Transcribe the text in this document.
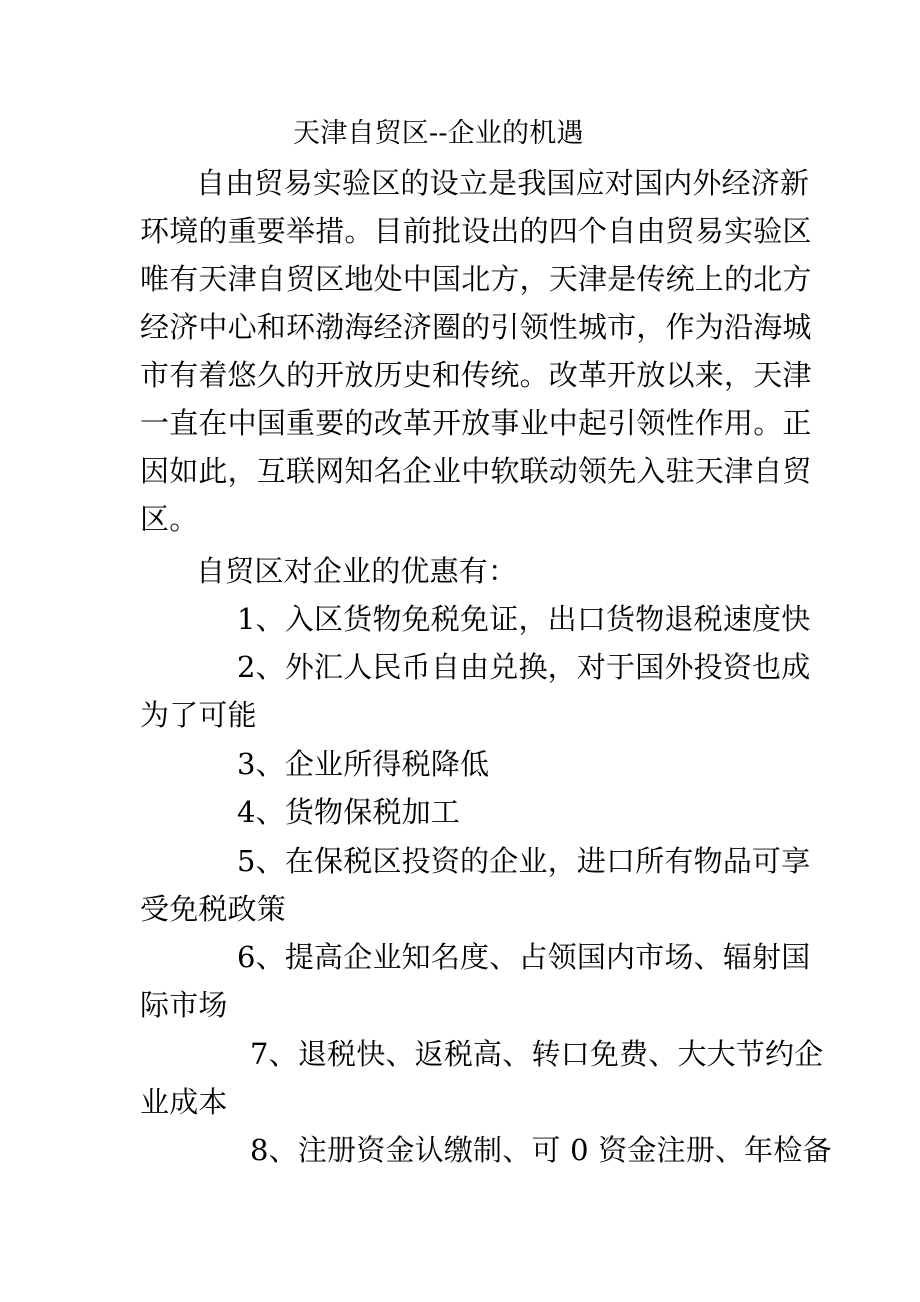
天津自贸区--企业的机遇
自由贸易实验区的设立是我国应对国内外经济新
环境的重要举措。目前批设出的四个自由贸易实验区
唯有天津自贸区地处中国北方，天津是传统上的北方
经济中心和环渤海经济圈的引领性城市，作为沿海城
市有着悠久的开放历史和传统。改革开放以来，天津
一直在中国重要的改革开放事业中起引领性作用。正
因如此，互联网知名企业中软联动领先入驻天津自贸
区。
自贸区对企业的优惠有：
1、入区货物免税免证，出口货物退税速度快
2、外汇人民币自由兑换，对于国外投资也成
为了可能
3、企业所得税降低
4、货物保税加工
5、在保税区投资的企业，进口所有物品可享
受免税政策
6、提高企业知名度、占领国内市场、辐射国
际市场
7、退税快、返税高、转口免费、大大节约企
业成本
8、注册资金认缴制、可 0 资金注册、年检备
